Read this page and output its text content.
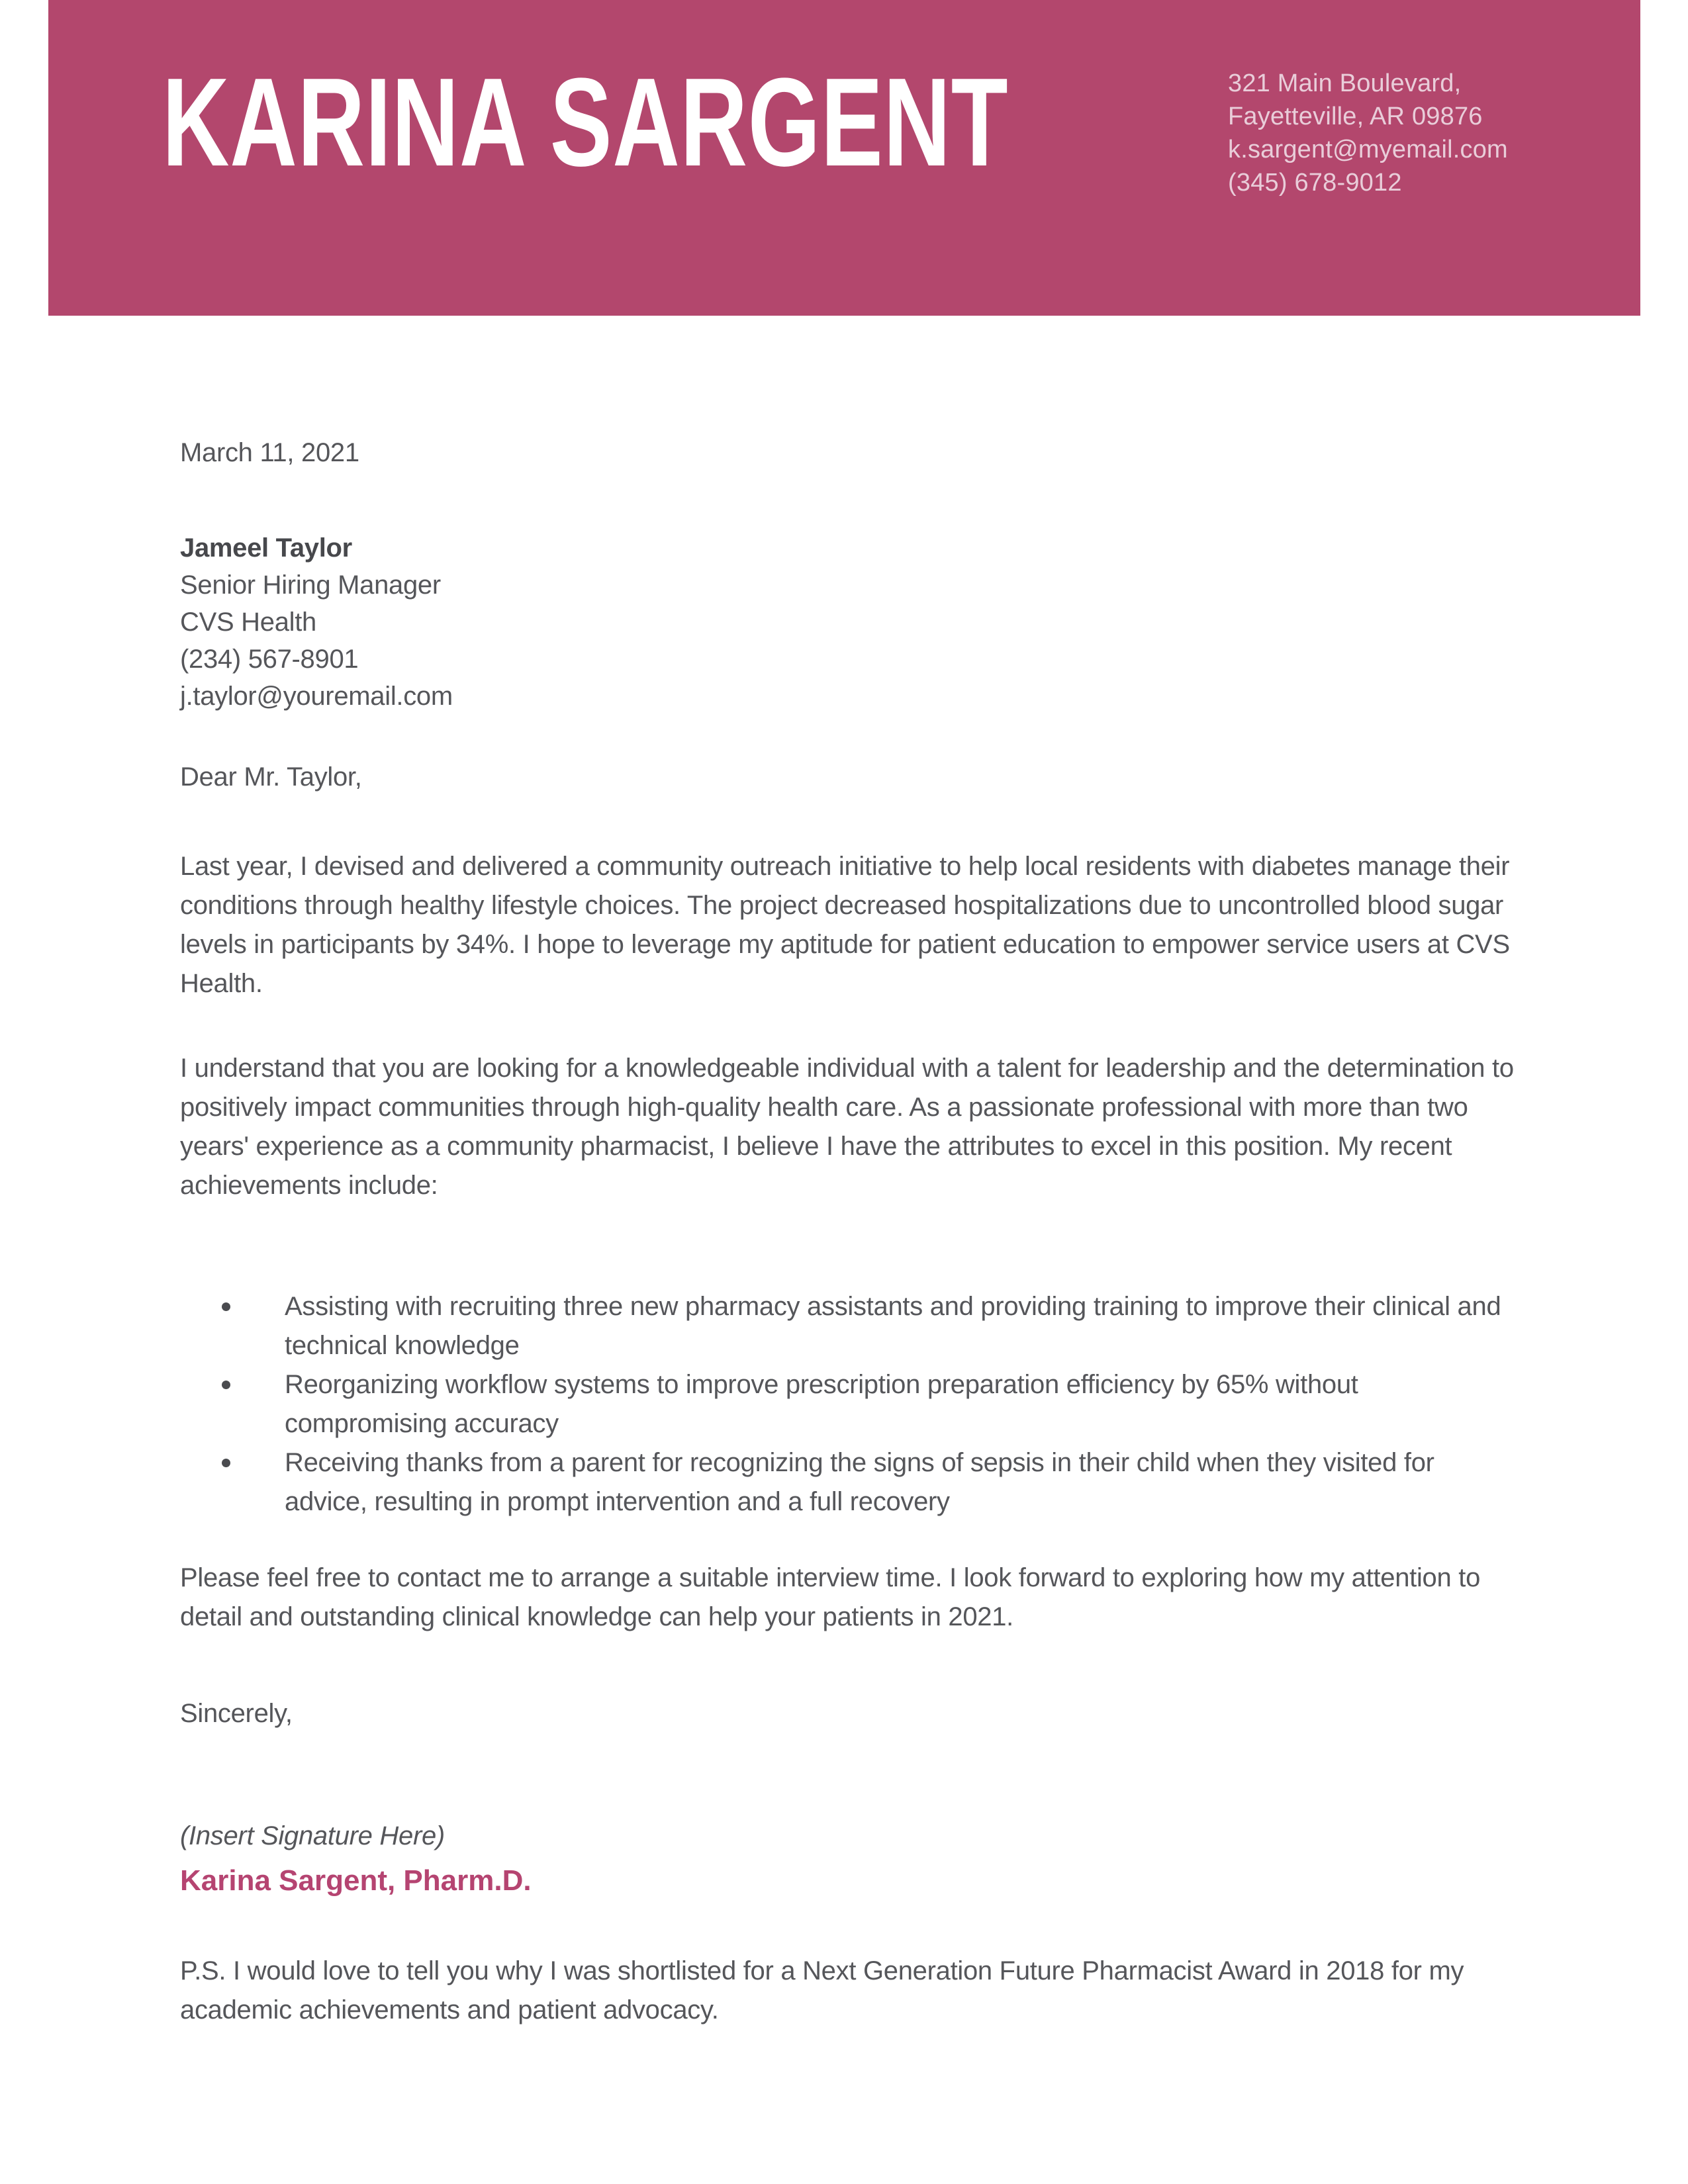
KARINA SARGENT	321 Main Boulevard,
Fayetteville, AR 09876
k.sargent@myemail.com
(345) 678-9012
March 11, 2021
Jameel Taylor
Senior Hiring Manager
CVS Health
(234) 567-8901
j.taylor@youremail.com
Dear Mr. Taylor,

Last year, I devised and delivered a community outreach initiative to help local residents with diabetes manage their conditions through healthy lifestyle choices. The project decreased hospitalizations due to uncontrolled blood sugar levels in participants by 34%. I hope to leverage my aptitude for patient education to empower service users at CVS Health.

I understand that you are looking for a knowledgeable individual with a talent for leadership and the determination to positively impact communities through high-quality health care. As a passionate professional with more than two years' experience as a community pharmacist, I believe I have the attributes to excel in this position. My recent achievements include:

Assisting with recruiting three new pharmacy assistants and providing training to improve their clinical and technical knowledge
Reorganizing workflow systems to improve prescription preparation efficiency by 65% without compromising accuracy
Receiving thanks from a parent for recognizing the signs of sepsis in their child when they visited for advice, resulting in prompt intervention and a full recovery
Please feel free to contact me to arrange a suitable interview time. I look forward to exploring how my attention to detail and outstanding clinical knowledge can help your patients in 2021.
Sincerely,
(Insert Signature Here)
Karina Sargent, Pharm.D.
P.S. I would love to tell you why I was shortlisted for a Next Generation Future Pharmacist Award in 2018 for my academic achievements and patient advocacy.
